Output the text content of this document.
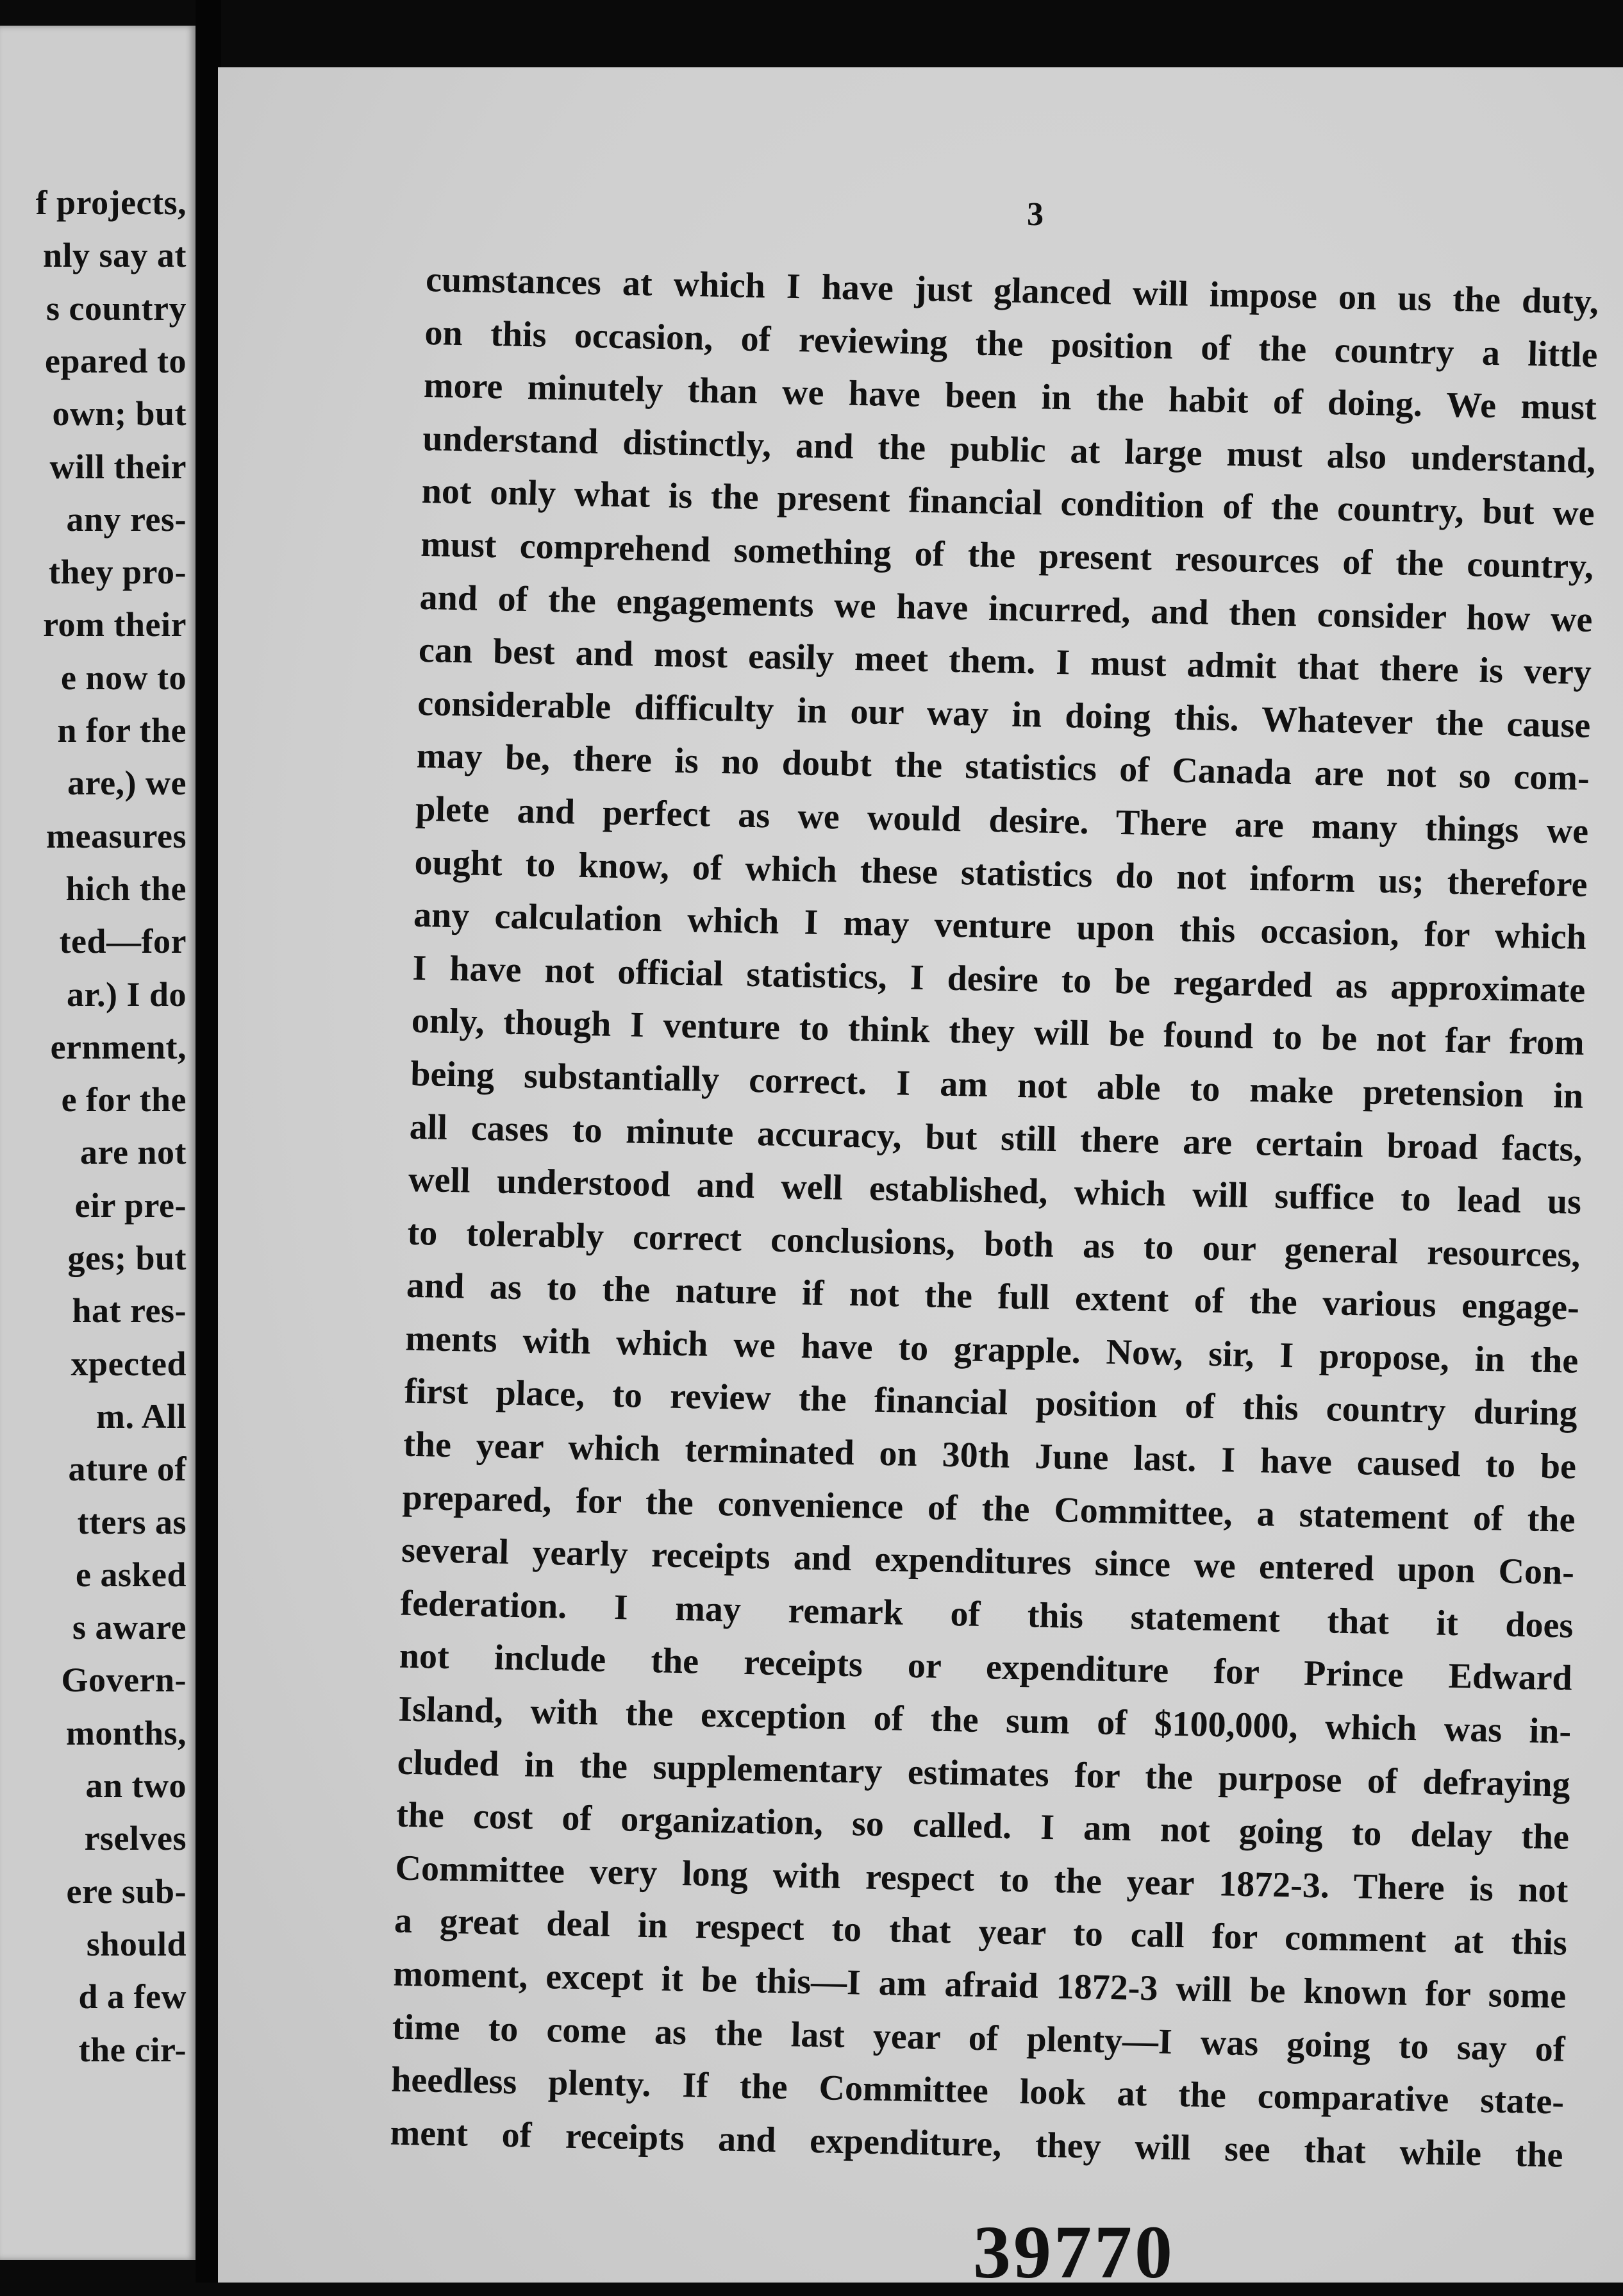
f projects,
nly say at
s country
epared to
own; but
will their
any res-
they pro-
rom their
e now to
n for the
are,) we
measures
hich the
ted—for
ar.) I do
ernment,
e for the
are not
eir pre-
ges; but
hat res-
xpected
m. All
ature of
tters as
e asked
s aware
Govern-
months,
an two
rselves
ere sub-
should
d a few
the cir-
3
cumstances at which I have just glanced will impose on us the duty,
on this occasion, of reviewing the position of the country a little
more minutely than we have been in the habit of doing. We must
understand distinctly, and the public at large must also understand,
not only what is the present financial condition of the country, but we
must comprehend something of the present resources of the country,
and of the engagements we have incurred, and then consider how we
can best and most easily meet them. I must admit that there is very
considerable difficulty in our way in doing this. Whatever the cause
may be, there is no doubt the statistics of Canada are not so com-
plete and perfect as we would desire. There are many things we
ought to know, of which these statistics do not inform us; therefore
any calculation which I may venture upon this occasion, for which
I have not official statistics, I desire to be regarded as approximate
only, though I venture to think they will be found to be not far from
being substantially correct. I am not able to make pretension in
all cases to minute accuracy, but still there are certain broad facts,
well understood and well established, which will suffice to lead us
to tolerably correct conclusions, both as to our general resources,
and as to the nature if not the full extent of the various engage-
ments with which we have to grapple. Now, sir, I propose, in the
first place, to review the financial position of this country during
the year which terminated on 30th June last. I have caused to be
prepared, for the convenience of the Committee, a statement of the
several yearly receipts and expenditures since we entered upon Con-
federation. I may remark of this statement that it does
not include the receipts or expenditure for Prince Edward
Island, with the exception of the sum of $100,000, which was in-
cluded in the supplementary estimates for the purpose of defraying
the cost of organization, so called. I am not going to delay the
Committee very long with respect to the year 1872-3. There is not
a great deal in respect to that year to call for comment at this
moment, except it be this—I am afraid 1872-3 will be known for some
time to come as the last year of plenty—I was going to say of
heedless plenty. If the Committee look at the comparative state-
ment of receipts and expenditure, they will see that while the
39770
